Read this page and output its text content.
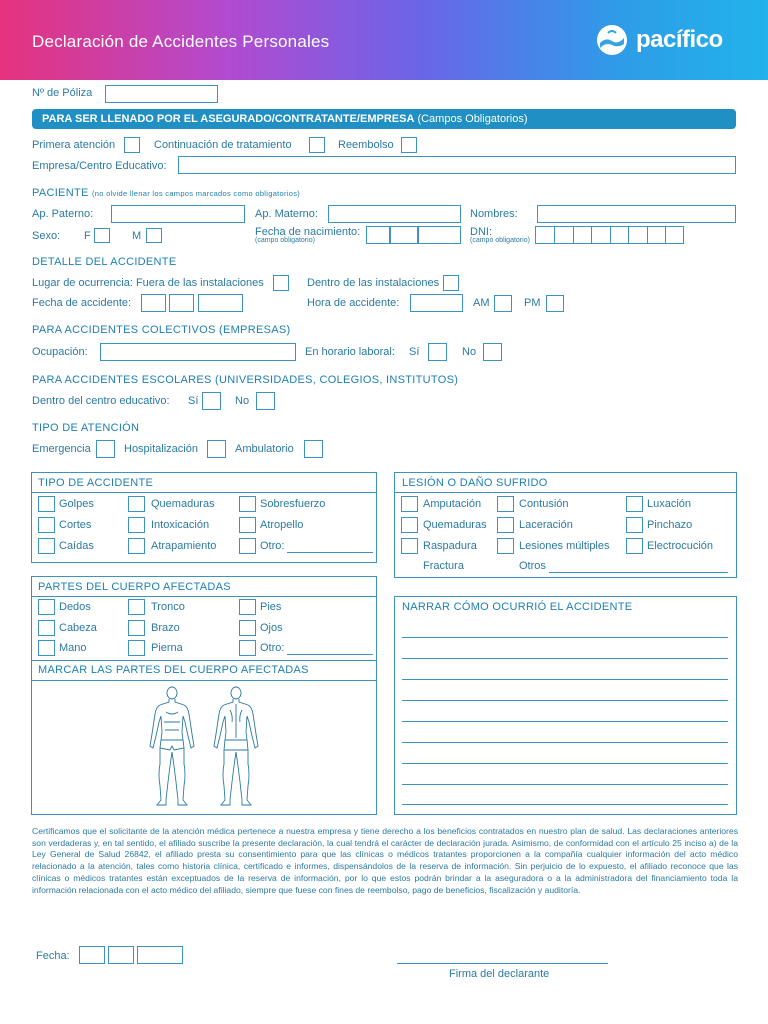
Declaración de Accidentes Personales	pacífico
Nº de Póliza
PARA SER LLENADO POR EL ASEGURADO/CONTRATANTE/EMPRESA (Campos Obligatorios)
Primera atención	Continuación de tratamiento	Reembolso
Empresa/Centro Educativo:
PACIENTE (no olvide llenar los campos marcados como obligatorios)
Ap. Paterno:	Ap. Materno:	Nombres:
Sexo: F	M	Fecha de nacimiento:
(campo obligatorio)
DNI:
(campo obligatorio)
DETALLE DEL ACCIDENTE
Lugar de ocurrencia: Fuera de las instalaciones	Dentro de las instalaciones
Fecha de accidente:	Hora de accidente:	AM	PM
PARA ACCIDENTES COLECTIVOS (EMPRESAS)
Ocupación:	En horario laboral: Sí	No
PARA ACCIDENTES ESCOLARES (UNIVERSIDADES, COLEGIOS, INSTITUTOS)
Dentro del centro educativo: Sí	No
TIPO DE ATENCIÓN
Emergencia	Hospitalización	Ambulatorio
TIPO DE ACCIDENTE
Golpes	Quemaduras	Sobresfuerzo
Cortes	Intoxicación	Atropello
Caídas	Atrapamiento	Otro:
LESIÓN O DAÑO SUFRIDO
Amputación	Contusión	Luxación
Quemaduras	Laceración	Pinchazo
Raspadura	Lesiones múltiples	Electrocución
Fractura	Otros
PARTES DEL CUERPO AFECTADAS
Dedos	Tronco	Pies
Cabeza	Brazo	Ojos
Mano	Pierna	Otro:
MARCAR LAS PARTES DEL CUERPO AFECTADAS
NARRAR CÓMO OCURRIÓ EL ACCIDENTE
Certificamos que el solicitante de la atención médica pertenece a nuestra empresa y tiene derecho a los beneficios contratados en nuestro plan de salud. Las declaraciones anteriores son verdaderas y, en tal sentido, el afiliado suscribe la presente declaración, la cual tendrá el carácter de declaración jurada. Asimismo, de conformidad con el artículo 25 inciso a) de la Ley General de Salud 26842, el afiliado presta su consentimiento para que las clínicas o médicos tratantes proporcionen a la compañía cualquier información del acto médico relacionado a la atención, tales como historia clínica, certificado e informes, dispensándolos de la reserva de información. Sin perjuicio de lo expuesto, el afiliado reconoce que las clínicas o médicos tratantes están exceptuados de la reserva de información, por lo que estos podrán brindar a la aseguradora o a la administradora del financiamiento toda la información relacionada con el acto médico del afiliado, siempre que fuese con fines de reembolso, pago de beneficios, fiscalización y auditoría.
Fecha:
Firma del declarante
